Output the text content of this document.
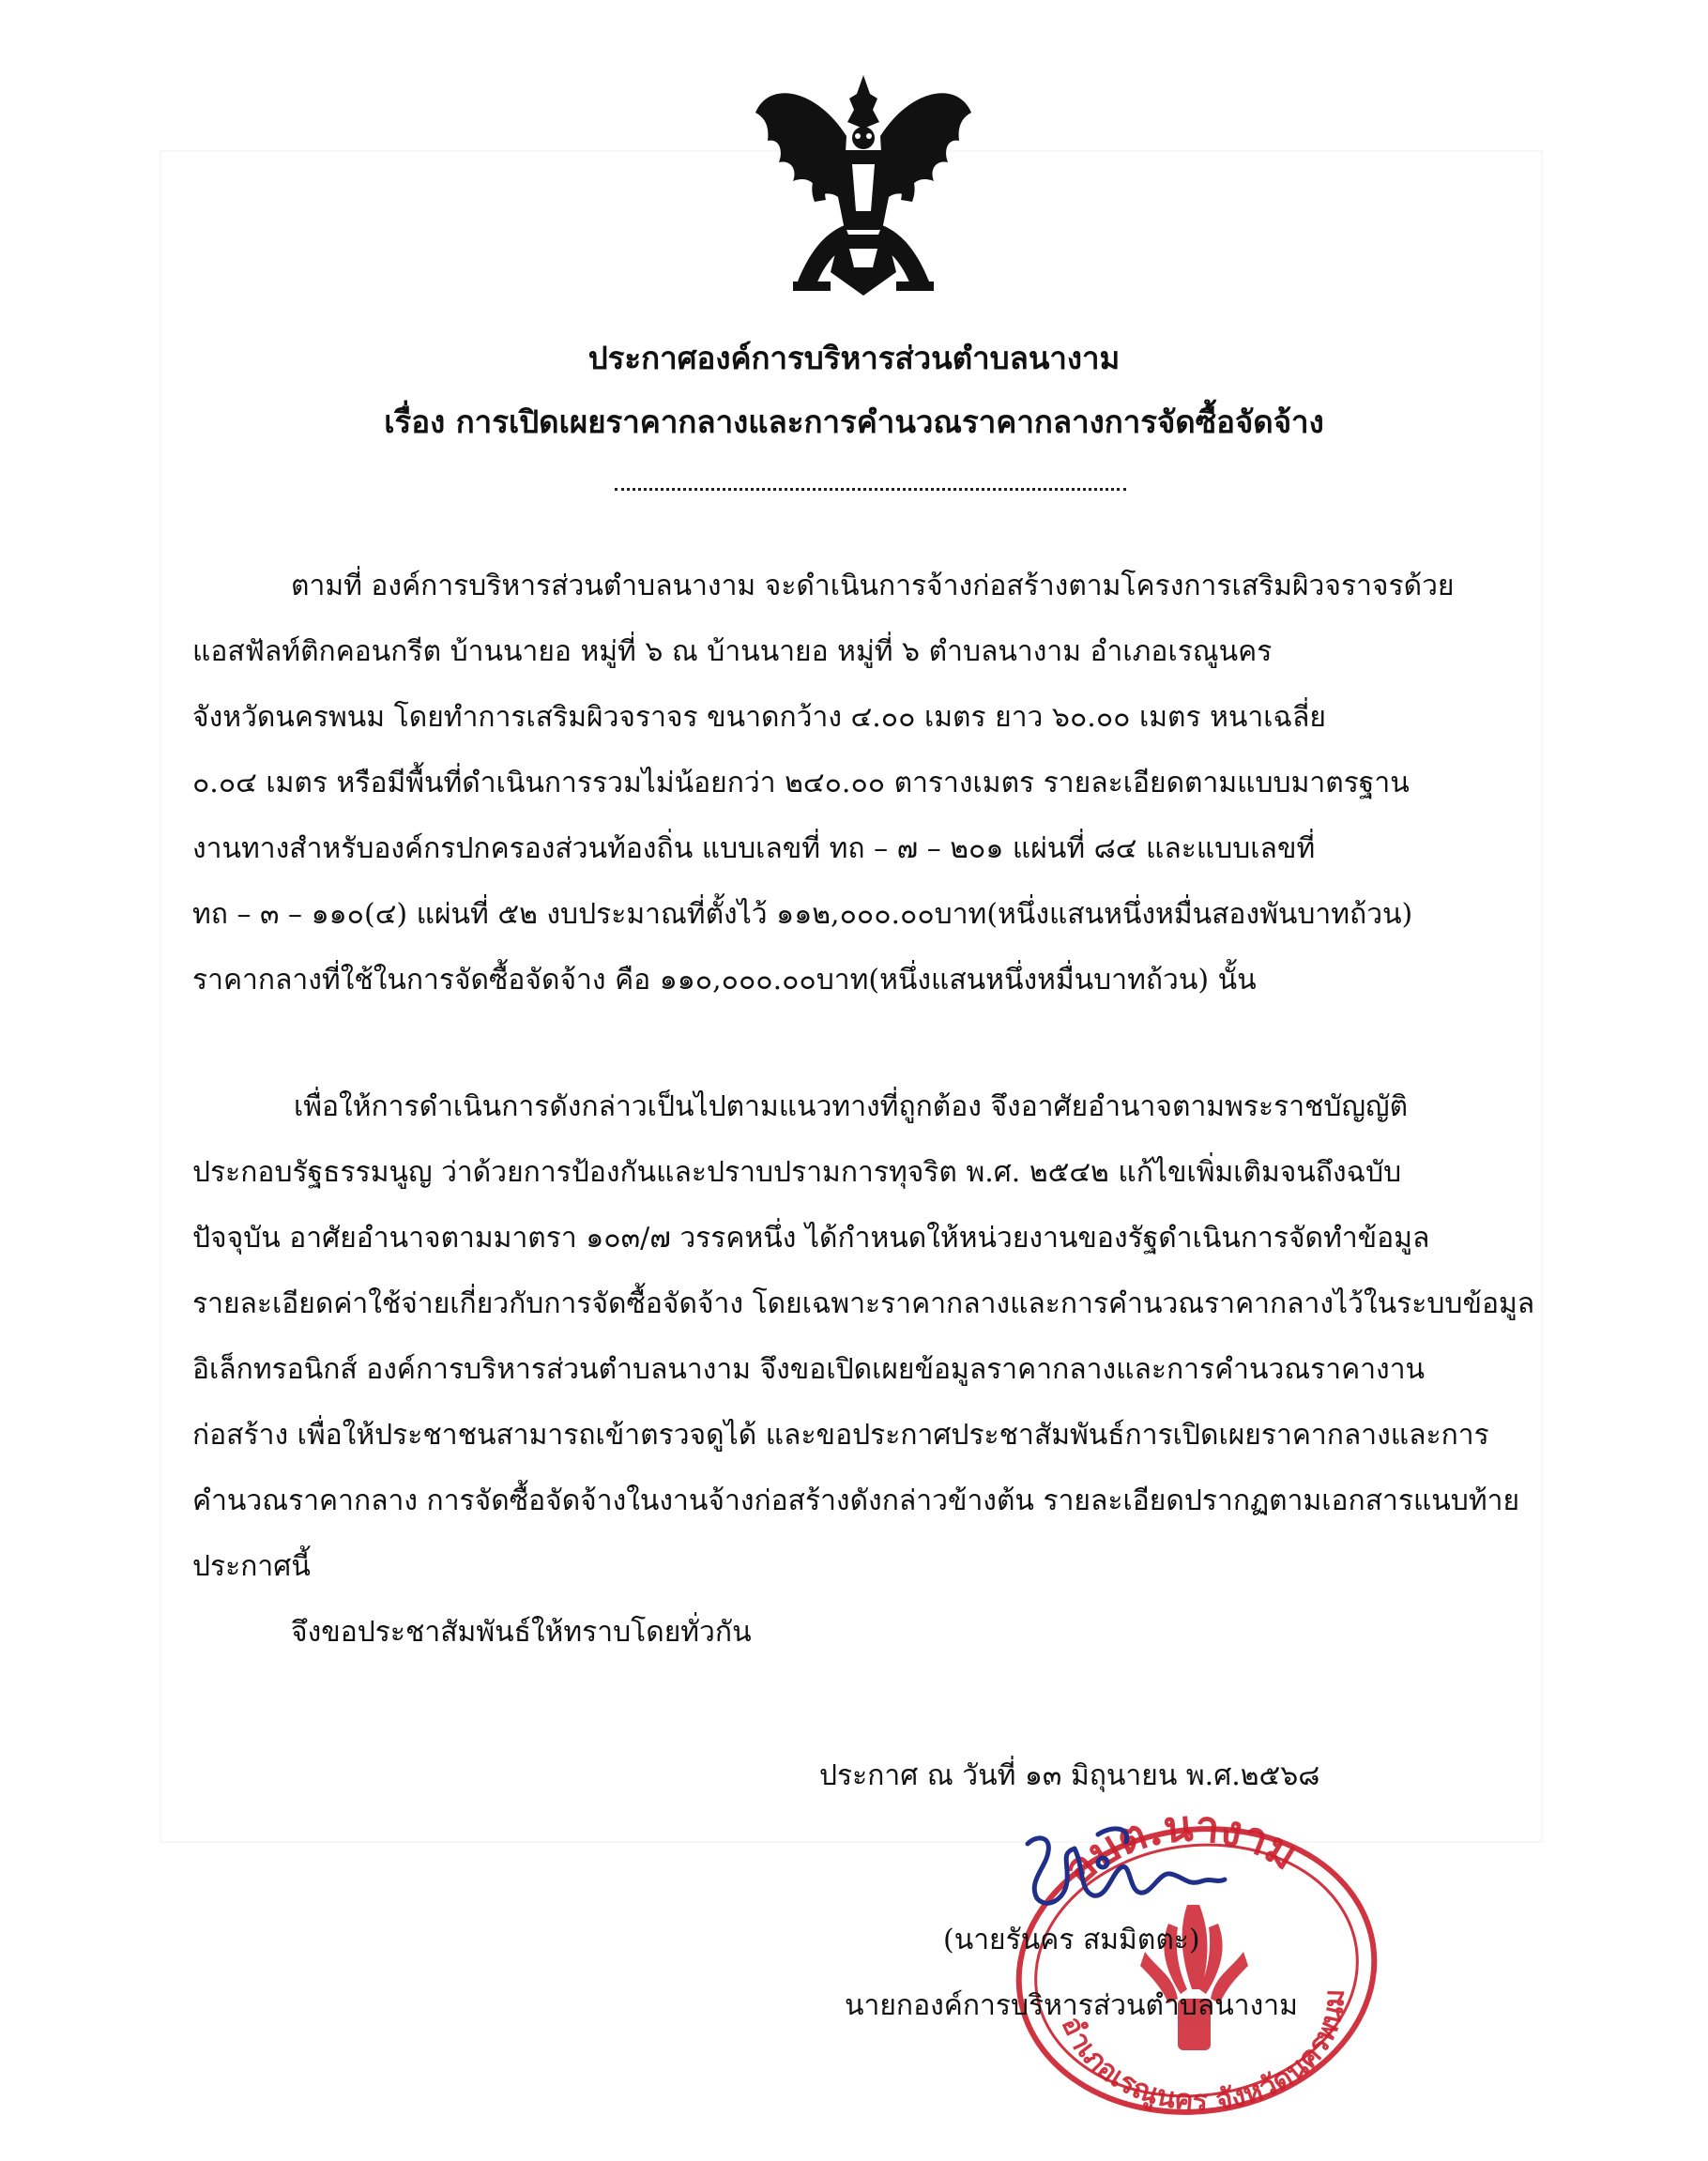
ประกาศองค์การบริหารส่วนตำบลนางาม
เรื่อง การเปิดเผยราคากลางและการคำนวณราคากลางการจัดซื้อจัดจ้าง
ตามที่ องค์การบริหารส่วนตำบลนางาม จะดำเนินการจ้างก่อสร้างตามโครงการเสริมผิวจราจรด้วย
แอสฟัลท์ติกคอนกรีต บ้านนายอ หมู่ที่ ๖ ณ บ้านนายอ หมู่ที่ ๖ ตำบลนางาม อำเภอเรณูนคร
จังหวัดนครพนม โดยทำการเสริมผิวจราจร ขนาดกว้าง ๔.๐๐ เมตร ยาว ๖๐.๐๐ เมตร หนาเฉลี่ย
๐.๐๔ เมตร หรือมีพื้นที่ดำเนินการรวมไม่น้อยกว่า ๒๔๐.๐๐ ตารางเมตร รายละเอียดตามแบบมาตรฐาน
งานทางสำหรับองค์กรปกครองส่วนท้องถิ่น แบบเลขที่ ทถ – ๗ – ๒๐๑ แผ่นที่ ๘๔ และแบบเลขที่
ทถ – ๓ – ๑๑๐(๔) แผ่นที่ ๕๒ งบประมาณที่ตั้งไว้ ๑๑๒,๐๐๐.๐๐บาท(หนึ่งแสนหนึ่งหมื่นสองพันบาทถ้วน)
ราคากลางที่ใช้ในการจัดซื้อจัดจ้าง คือ ๑๑๐,๐๐๐.๐๐บาท(หนึ่งแสนหนึ่งหมื่นบาทถ้วน) นั้น
เพื่อให้การดำเนินการดังกล่าวเป็นไปตามแนวทางที่ถูกต้อง จึงอาศัยอำนาจตามพระราชบัญญัติ
ประกอบรัฐธรรมนูญ ว่าด้วยการป้องกันและปราบปรามการทุจริต พ.ศ. ๒๕๔๒ แก้ไขเพิ่มเติมจนถึงฉบับ
ปัจจุบัน อาศัยอำนาจตามมาตรา ๑๐๓/๗ วรรคหนึ่ง ได้กำหนดให้หน่วยงานของรัฐดำเนินการจัดทำข้อมูล
รายละเอียดค่าใช้จ่ายเกี่ยวกับการจัดซื้อจัดจ้าง โดยเฉพาะราคากลางและการคำนวณราคากลางไว้ในระบบข้อมูล
อิเล็กทรอนิกส์ องค์การบริหารส่วนตำบลนางาม จึงขอเปิดเผยข้อมูลราคากลางและการคำนวณราคางาน
ก่อสร้าง เพื่อให้ประชาชนสามารถเข้าตรวจดูได้ และขอประกาศประชาสัมพันธ์การเปิดเผยราคากลางและการ
คำนวณราคากลาง การจัดซื้อจัดจ้างในงานจ้างก่อสร้างดังกล่าวข้างต้น รายละเอียดปรากฏตามเอกสารแนบท้าย
ประกาศนี้
จึงขอประชาสัมพันธ์ให้ทราบโดยทั่วกัน
ประกาศ ณ วันที่ ๑๓ มิถุนายน พ.ศ.๒๕๖๘
อบต.นางาม
อำเภอเรณูนคร จังหวัดนครพนม
(นายรันคร สมมิตตะ)
นายกองค์การบริหารส่วนตำบลนางาม
